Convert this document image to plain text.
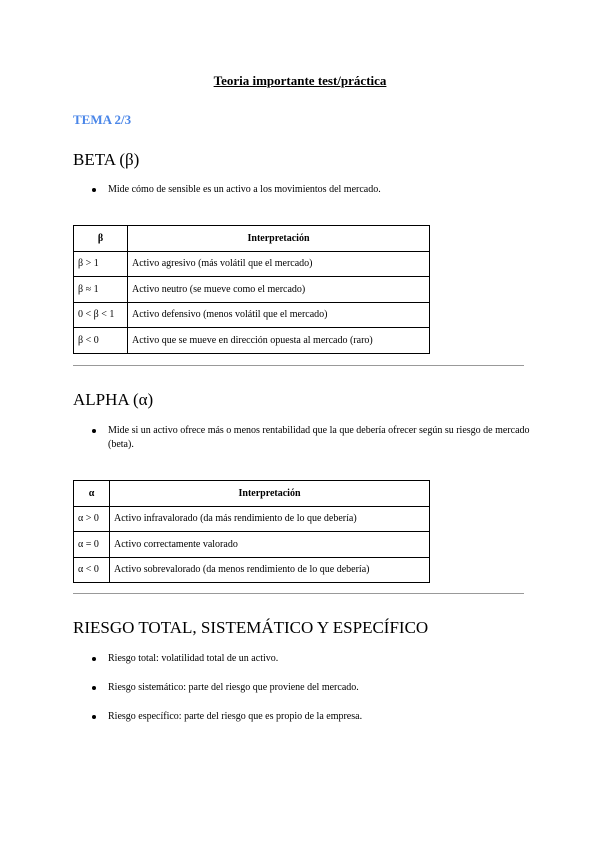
Teoria importante test/práctica
TEMA 2/3
BETA (β)
Mide cómo de sensible es un activo a los movimientos del mercado.
β	Interpretación
β > 1	Activo agresivo (más volátil que el mercado)
β ≈ 1	Activo neutro (se mueve como el mercado)
0 < β < 1	Activo defensivo (menos volátil que el mercado)
β < 0	Activo que se mueve en dirección opuesta al mercado (raro)
ALPHA (α)
Mide si un activo ofrece más o menos rentabilidad que la que debería ofrecer según su riesgo de mercado (beta).
α	Interpretación
α > 0	Activo infravalorado (da más rendimiento de lo que debería)
α = 0	Activo correctamente valorado
α < 0	Activo sobrevalorado (da menos rendimiento de lo que debería)
RIESGO TOTAL, SISTEMÁTICO Y ESPECÍFICO
Riesgo total: volatilidad total de un activo.
Riesgo sistemático: parte del riesgo que proviene del mercado.
Riesgo específico: parte del riesgo que es propio de la empresa.
